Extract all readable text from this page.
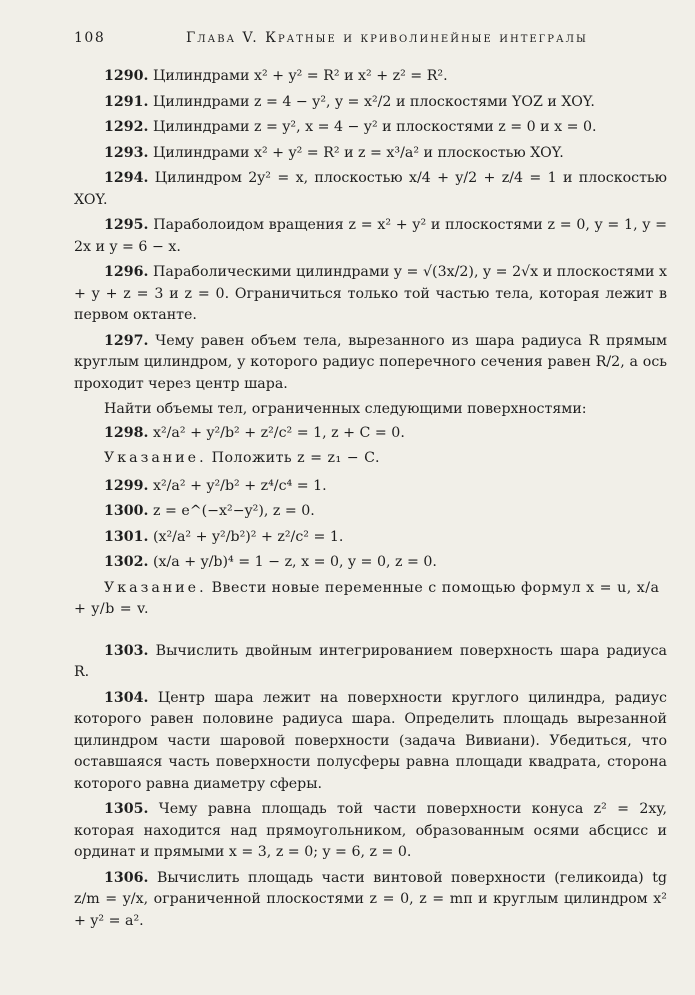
108	Глава V. Кратные и криволинейные интегралы

1290. Цилиндрами x² + y² = R² и x² + z² = R².

1291. Цилиндрами z = 4 − y², y = x²/2 и плоскостями YOZ и XOY.

1292. Цилиндрами z = y², x = 4 − y² и плоскостями z = 0 и x = 0.

1293. Цилиндрами x² + y² = R² и z = x³/a² и плоскостью XOY.

1294. Цилиндром 2y² = x, плоскостью x/4 + y/2 + z/4 = 1 и плоскостью XOY.

1295. Параболоидом вращения z = x² + y² и плоскостями z = 0, y = 1, y = 2x и y = 6 − x.

1296. Параболическими цилиндрами y = √(3x/2), y = 2√x и плоскостями x + y + z = 3 и z = 0. Ограничиться только той частью тела, которая лежит в первом октанте.

1297. Чему равен объем тела, вырезанного из шара радиуса R прямым круглым цилиндром, у которого радиус поперечного сечения равен R/2, а ось проходит через центр шара.

Найти объемы тел, ограниченных следующими поверхностями:

1298. x²/a² + y²/b² + z²/c² = 1, z + C = 0.

Указание. Положить z = z₁ − C.

1299. x²/a² + y²/b² + z⁴/c⁴ = 1.

1300. z = e^(−x²−y²), z = 0.

1301. (x²/a² + y²/b²)² + z²/c² = 1.

1302. (x/a + y/b)⁴ = 1 − z, x = 0, y = 0, z = 0.

Указание. Ввести новые переменные с помощью формул x = u, x/a + y/b = v.

1303. Вычислить двойным интегрированием поверхность шара радиуса R.

1304. Центр шара лежит на поверхности круглого цилиндра, радиус которого равен половине радиуса шара. Определить площадь вырезанной цилиндром части шаровой поверхности (задача Вивиани). Убедиться, что оставшаяся часть поверхности полусферы равна площади квадрата, сторона которого равна диаметру сферы.

1305. Чему равна площадь той части поверхности конуса z² = 2xy, которая находится над прямоугольником, образованным осями абсцисс и ординат и прямыми x = 3, z = 0; y = 6, z = 0.

1306. Вычислить площадь части винтовой поверхности (геликоида) tg z/m = y/x, ограниченной плоскостями z = 0, z = mπ и круглым цилиндром x² + y² = a².
